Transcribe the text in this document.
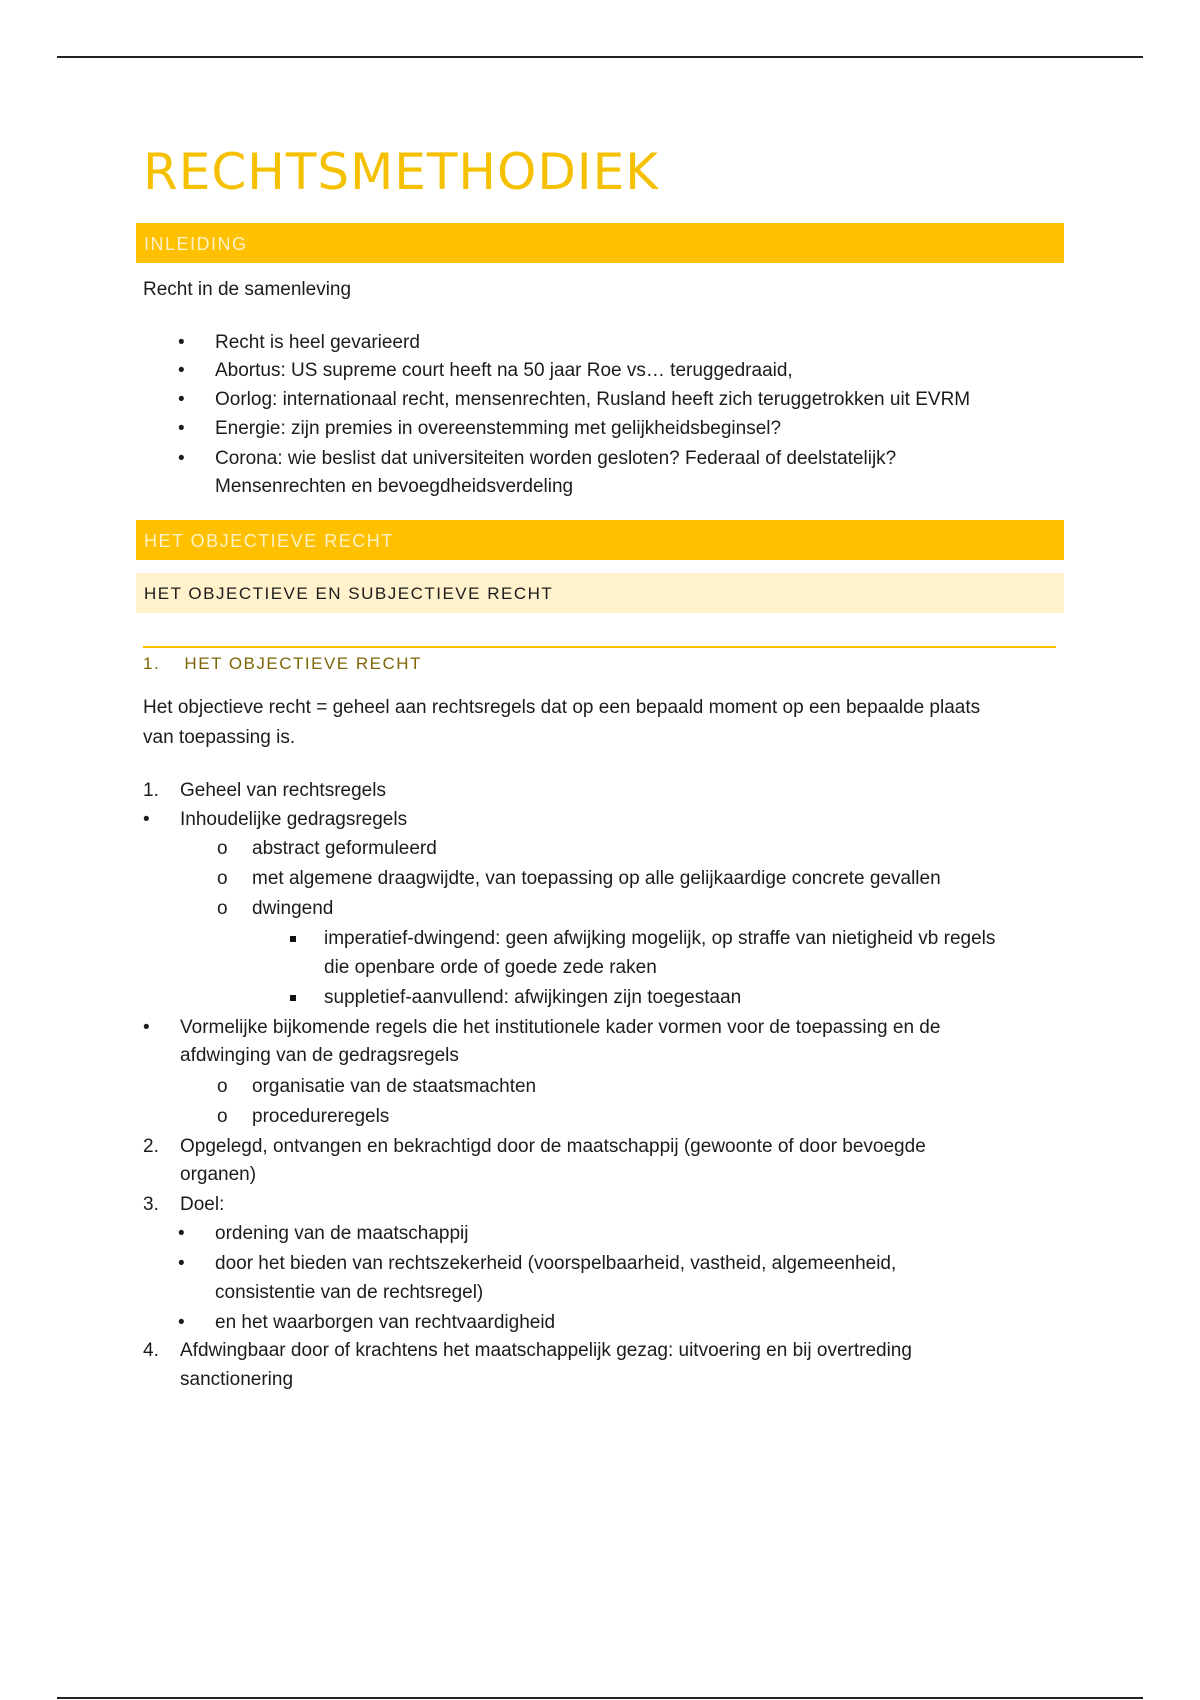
RECHTSMETHODIEK
INLEIDING
Recht in de samenleving
• Recht is heel gevarieerd
• Abortus: US supreme court heeft na 50 jaar Roe vs… teruggedraaid,
• Oorlog: internationaal recht, mensenrechten, Rusland heeft zich teruggetrokken uit EVRM
• Energie: zijn premies in overeenstemming met gelijkheidsbeginsel?
• Corona: wie beslist dat universiteiten worden gesloten? Federaal of deelstatelijk?
Mensenrechten en bevoegdheidsverdeling
HET OBJECTIEVE RECHT
HET OBJECTIEVE EN SUBJECTIEVE RECHT
1. HET OBJECTIEVE RECHT
Het objectieve recht = geheel aan rechtsregels dat op een bepaald moment op een bepaalde plaats
van toepassing is.
1. Geheel van rechtsregels
• Inhoudelijke gedragsregels
o abstract geformuleerd
o met algemene draagwijdte, van toepassing op alle gelijkaardige concrete gevallen
o dwingend
imperatief-dwingend: geen afwijking mogelijk, op straffe van nietigheid vb regels
die openbare orde of goede zede raken
suppletief-aanvullend: afwijkingen zijn toegestaan
• Vormelijke bijkomende regels die het institutionele kader vormen voor de toepassing en de
afdwinging van de gedragsregels
o organisatie van de staatsmachten
o procedureregels
2. Opgelegd, ontvangen en bekrachtigd door de maatschappij (gewoonte of door bevoegde
organen)
3. Doel:
• ordening van de maatschappij
• door het bieden van rechtszekerheid (voorspelbaarheid, vastheid, algemeenheid,
consistentie van de rechtsregel)
• en het waarborgen van rechtvaardigheid
4. Afdwingbaar door of krachtens het maatschappelijk gezag: uitvoering en bij overtreding
sanctionering
